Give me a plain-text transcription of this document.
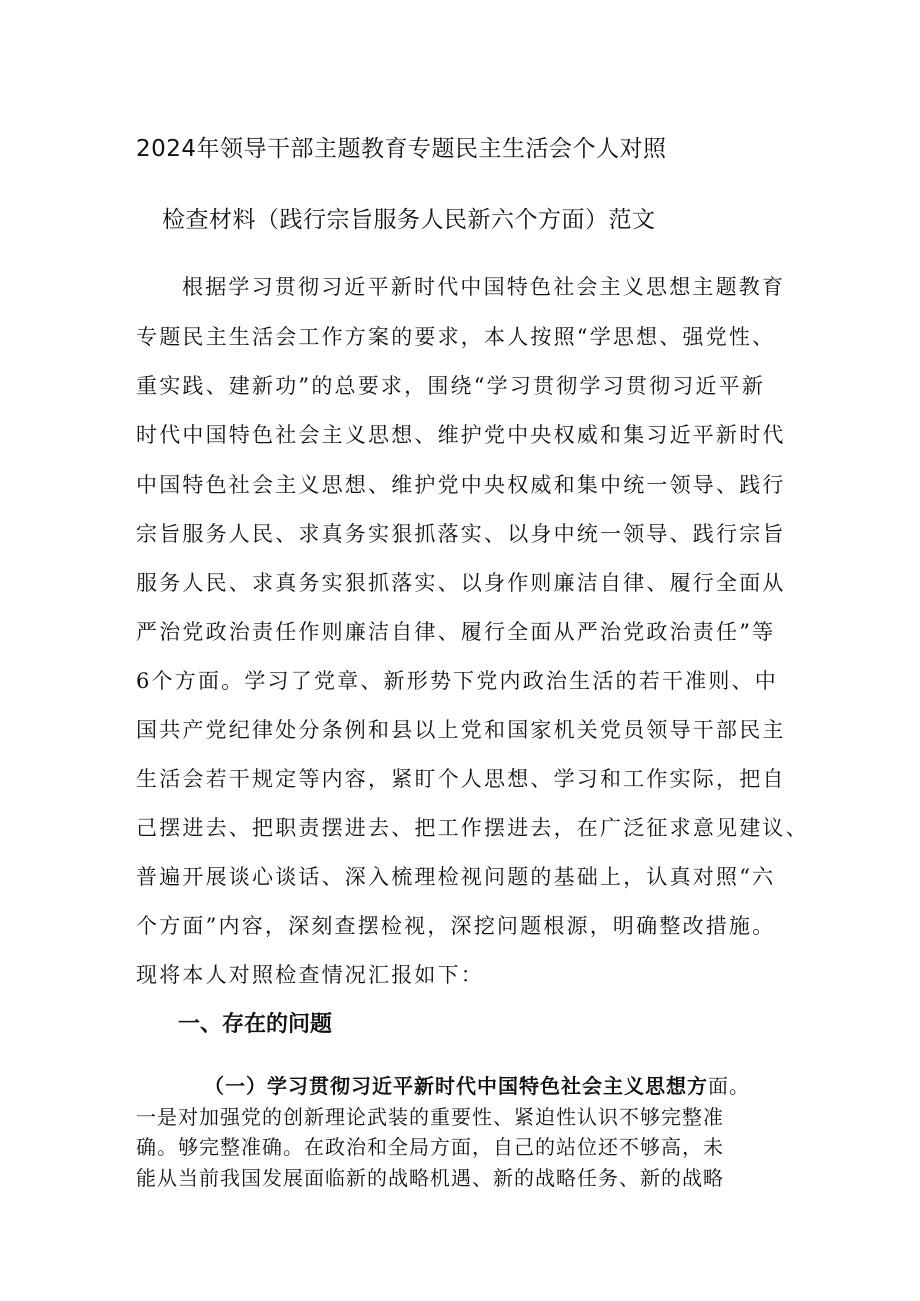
2024年领导干部主题教育专题民主生活会个人对照
检查材料（践行宗旨服务人民新六个方面）范文

根据学习贯彻习近平新时代中国特色社会主义思想主题教育

专题民主生活会工作方案的要求，本人按照“学思想、强党性、

重实践、建新功”的总要求，围绕“学习贯彻学习贯彻习近平新

时代中国特色社会主义思想、维护党中央权威和集习近平新时代

中国特色社会主义思想、维护党中央权威和集中统一领导、践行

宗旨服务人民、求真务实狠抓落实、以身中统一领导、践行宗旨

服务人民、求真务实狠抓落实、以身作则廉洁自律、履行全面从

严治党政治责任作则廉洁自律、履行全面从严治党政治责任”等

6个方面。学习了党章、新形势下党内政治生活的若干准则、中

国共产党纪律处分条例和县以上党和国家机关党员领导干部民主

生活会若干规定等内容，紧盯个人思想、学习和工作实际，把自

己摆进去、把职责摆进去、把工作摆进去，在广泛征求意见建议、

普遍开展谈心谈话、深入梳理检视问题的基础上，认真对照“六

个方面”内容，深刻查摆检视，深挖问题根源，明确整改措施。

现将本人对照检查情况汇报如下：

一、存在的问题

（一）学习贯彻习近平新时代中国特色社会主义思想方面。

一是对加强党的创新理论武装的重要性、紧迫性认识不够完整准

确。够完整准确。在政治和全局方面，自己的站位还不够高，未

能从当前我国发展面临新的战略机遇、新的战略任务、新的战略
